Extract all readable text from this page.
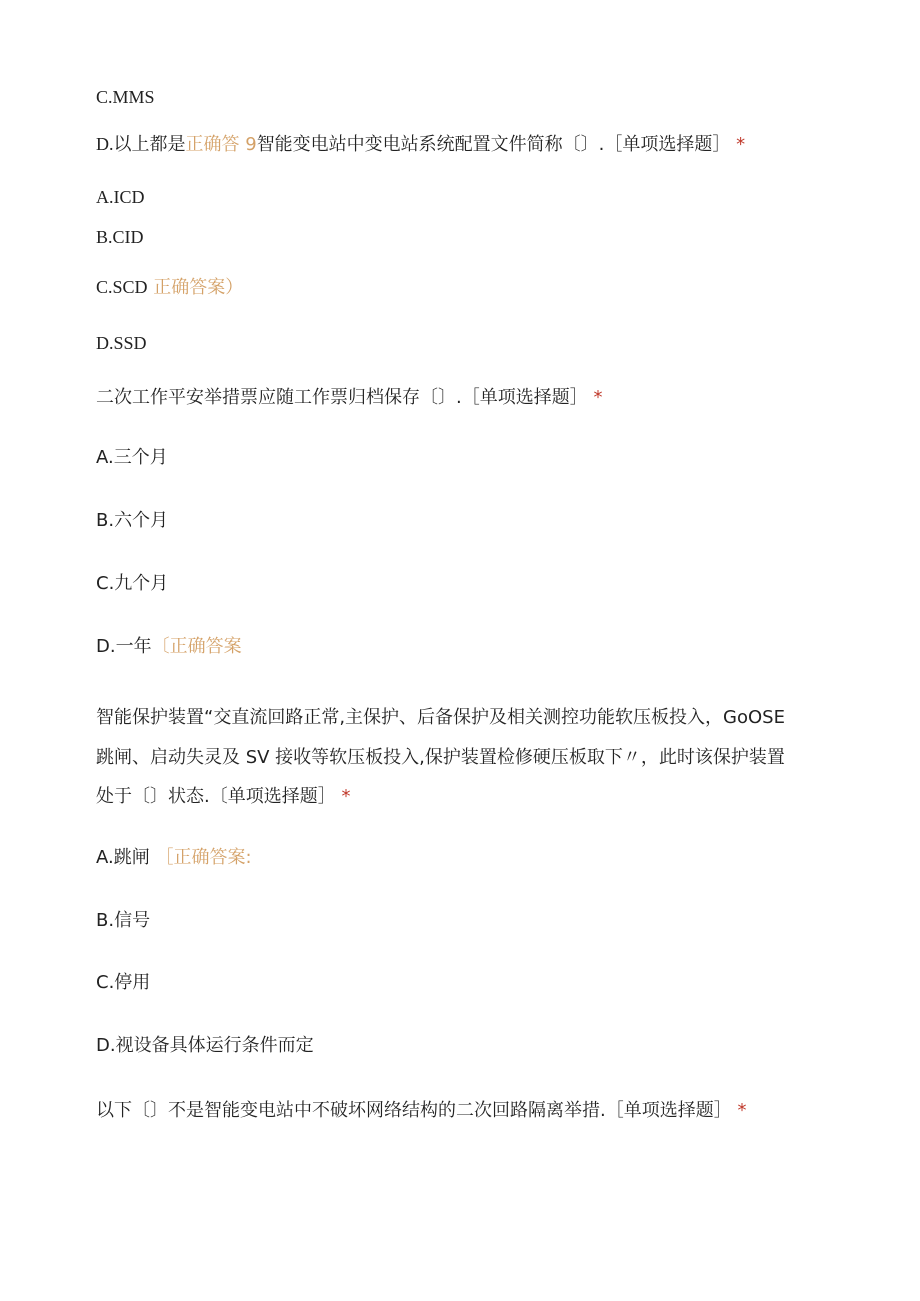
C.MMS
D.以上都是正确答 9智能变电站中变电站系统配置文件简称〔〕.［单项选择题］ *
A.ICD
B.CID
C.SCD 正确答案）
D.SSD
二次工作平安举措票应随工作票归档保存〔〕.［单项选择题］ *
A.三个月
B.六个月
C.九个月
D.一年〔正确答案
智能保护装置“交直流回路正常,主保护、后备保护及相关测控功能软压板投入，GoOSE
跳闸、启动失灵及 SV 接收等软压板投入,保护装置检修硬压板取下〃，此时该保护装置
处于〔〕状态.〔单项选择题］ *
A.跳闸 ［正确答案:
B.信号
C.停用
D.视设备具体运行条件而定
以下〔〕不是智能变电站中不破坏网络结构的二次回路隔离举措.［单项选择题］ *
